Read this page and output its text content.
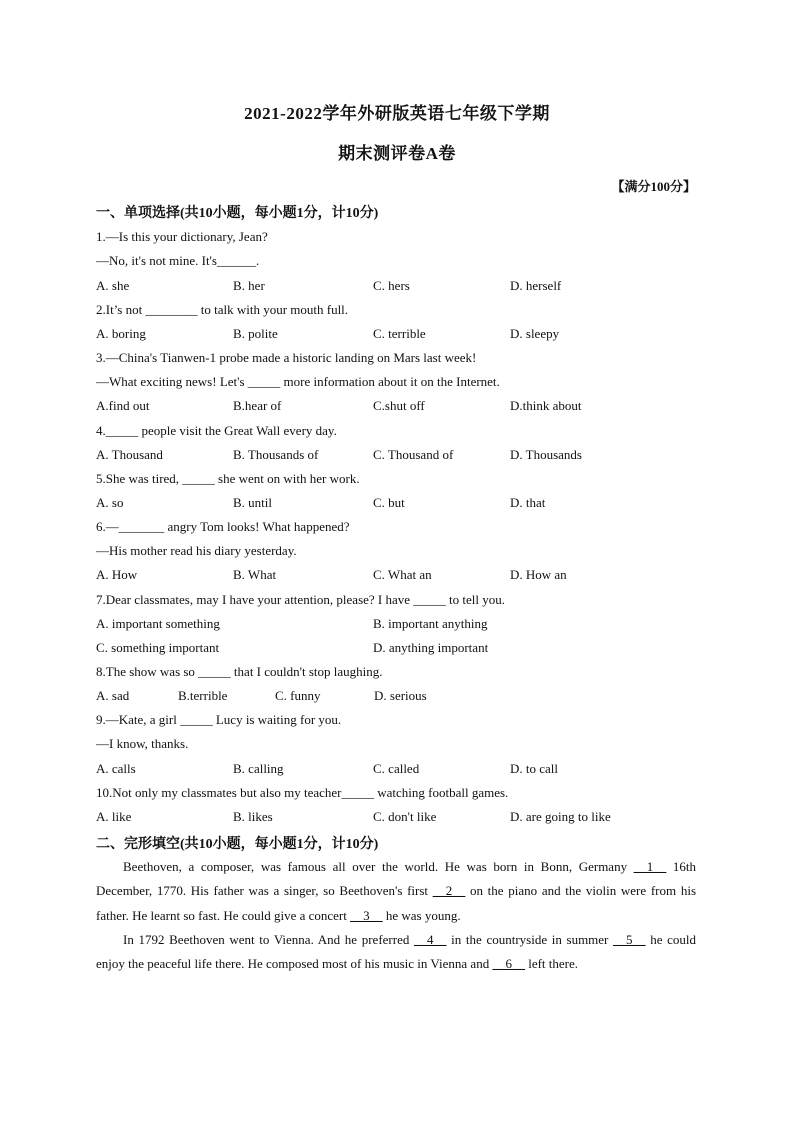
2021-2022学年外研版英语七年级下学期
期末测评卷A卷
【满分100分】
一、单项选择(共10小题，每小题1分，计10分)
1.—Is this your dictionary, Jean?
—No, it's not mine. It's______.
A. she	B. her	C. hers	D. herself
2.It’s not ________ to talk with your mouth full.
A. boring	B. polite	C. terrible	D. sleepy
3.—China's Tianwen-1 probe made a historic landing on Mars last week!
—What exciting news! Let's _____ more information about it on the Internet.
A.find out	B.hear of	C.shut off	D.think about
4._____ people visit the Great Wall every day.
A. Thousand	B. Thousands of	C. Thousand of	D. Thousands
5.She was tired, _____ she went on with her work.
A. so	B. until	C. but	D. that
6.—_______ angry Tom looks! What happened?
—His mother read his diary yesterday.
A. How	B. What	C. What an	D. How an
7.Dear classmates, may I have your attention, please? I have _____ to tell you.
A. important something	B. important anything
C. something important	D. anything important
8.The show was so _____ that I couldn't stop laughing.
A. sad	B.terrible	C. funny	D. serious
9.—Kate, a girl _____ Lucy is waiting for you.
—I know, thanks.
A. calls	B. calling	C. called	D. to call
10.Not only my classmates but also my teacher_____ watching football games.
A. like	B. likes	C. don't like	D. are going to like
二、完形填空(共10小题，每小题1分，计10分)
Beethoven, a composer, was famous all over the world. He was born in Bonn, Germany __1__ 16th December, 1770. His father was a singer, so Beethoven's first __2__ on the piano and the violin were from his father. He learnt so fast. He could give a concert __3__ he was young.
In 1792 Beethoven went to Vienna. And he preferred __4__ in the countryside in summer __5__ he could enjoy the peaceful life there. He composed most of his music in Vienna and __6__ left there.
